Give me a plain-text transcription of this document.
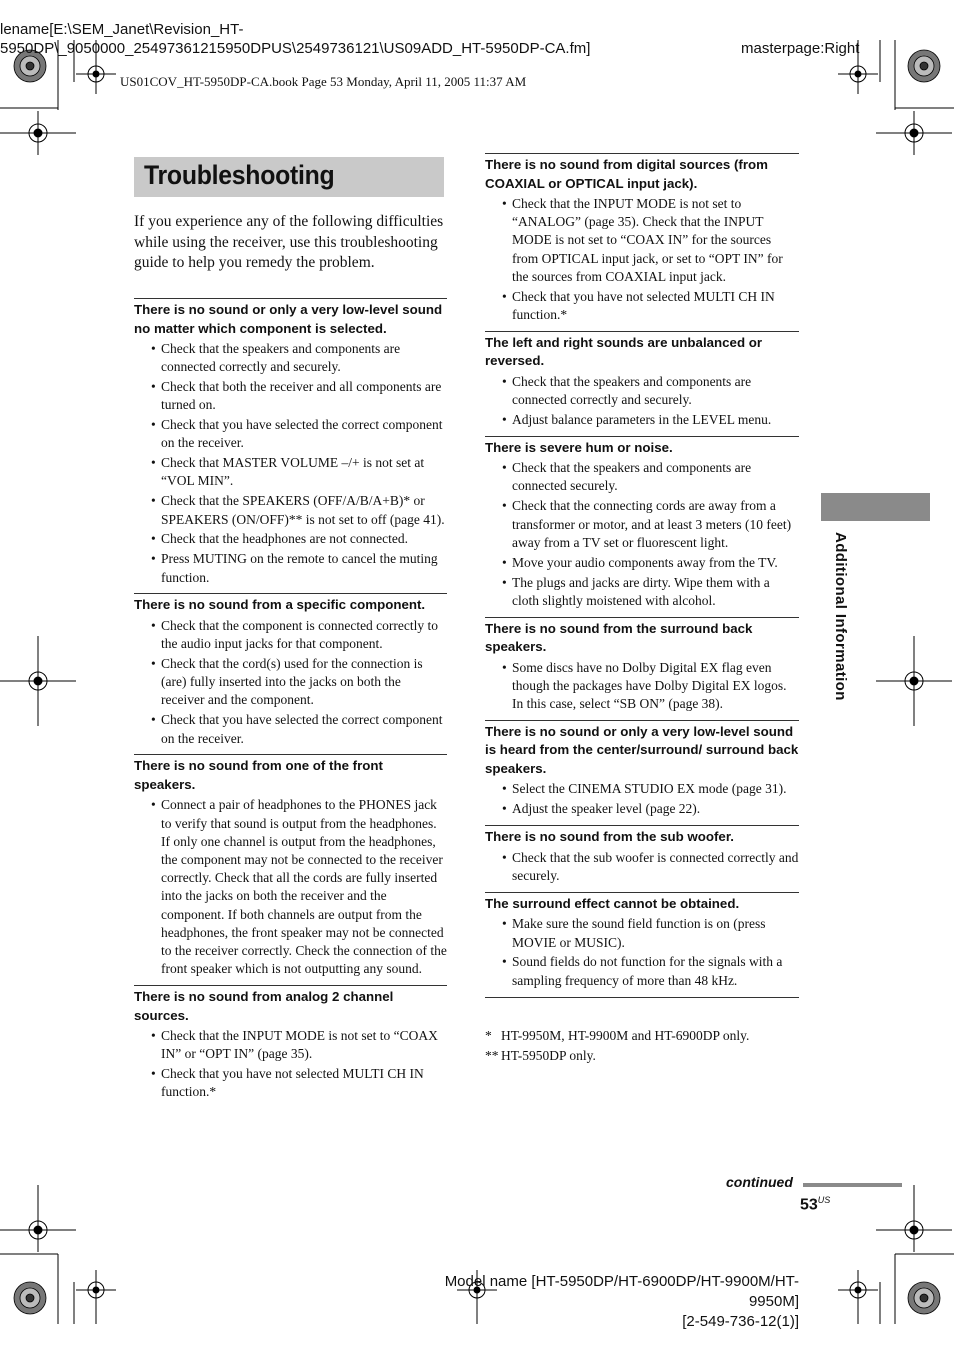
lename[E:\SEM_Janet\Revision_HT-5950DP\_9050000_25497361215950DPUS\2549736121\US09ADD_HT-5950DP-CA.fm]	masterpage:Right
US01COV_HT-5950DP-CA.book Page 53 Monday, April 11, 2005 11:37 AM
Troubleshooting
If you experience any of the following difficulties while using the receiver, use this troubleshooting guide to help you remedy the problem.
There is no sound or only a very low-level sound no matter which component is selected.
• Check that the speakers and components are connected correctly and securely.
• Check that both the receiver and all components are turned on.
• Check that you have selected the correct component on the receiver.
• Check that MASTER VOLUME –/+ is not set at “VOL MIN”.
• Check that the SPEAKERS (OFF/A/B/A+B)* or SPEAKERS (ON/OFF)** is not set to off (page 41).
• Check that the headphones are not connected.
• Press MUTING on the remote to cancel the muting function.
There is no sound from a specific component.
• Check that the component is connected correctly to the audio input jacks for that component.
• Check that the cord(s) used for the connection is (are) fully inserted into the jacks on both the receiver and the component.
• Check that you have selected the correct component on the receiver.
There is no sound from one of the front speakers.
• Connect a pair of headphones to the PHONES jack to verify that sound is output from the headphones. If only one channel is output from the headphones, the component may not be connected to the receiver correctly. Check that all the cords are fully inserted into the jacks on both the receiver and the component. If both channels are output from the headphones, the front speaker may not be connected to the receiver correctly. Check the connection of the front speaker which is not outputting any sound.
There is no sound from analog 2 channel sources.
• Check that the INPUT MODE is not set to “COAX IN” or “OPT IN” (page 35).
• Check that you have not selected MULTI CH IN function.*
There is no sound from digital sources (from COAXIAL or OPTICAL input jack).
• Check that the INPUT MODE is not set to “ANALOG” (page 35). Check that the INPUT MODE is not set to “COAX IN” for the sources from OPTICAL input jack, or set to “OPT IN” for the sources from COAXIAL input jack.
• Check that you have not selected MULTI CH IN function.*
The left and right sounds are unbalanced or reversed.
• Check that the speakers and components are connected correctly and securely.
• Adjust balance parameters in the LEVEL menu.
There is severe hum or noise.
• Check that the speakers and components are connected securely.
• Check that the connecting cords are away from a transformer or motor, and at least 3 meters (10 feet) away from a TV set or fluorescent light.
• Move your audio components away from the TV.
• The plugs and jacks are dirty. Wipe them with a cloth slightly moistened with alcohol.
There is no sound from the surround back speakers.
• Some discs have no Dolby Digital EX flag even though the packages have Dolby Digital EX logos. In this case, select “SB ON” (page 38).
There is no sound or only a very low-level sound is heard from the center/surround/ surround back speakers.
• Select the CINEMA STUDIO EX mode (page 31).
• Adjust the speaker level (page 22).
There is no sound from the sub woofer.
• Check that the sub woofer is connected correctly and securely.
The surround effect cannot be obtained.
• Make sure the sound field function is on (press MOVIE or MUSIC).
• Sound fields do not function for the signals with a sampling frequency of more than 48 kHz.
* HT-9950M, HT-9900M and HT-6900DP only.
** HT-5950DP only.
Additional Information
continued
$53^{US}$
Model name [HT-5950DP/HT-6900DP/HT-9900M/HT-9950M]
[2-549-736-12(1)]
